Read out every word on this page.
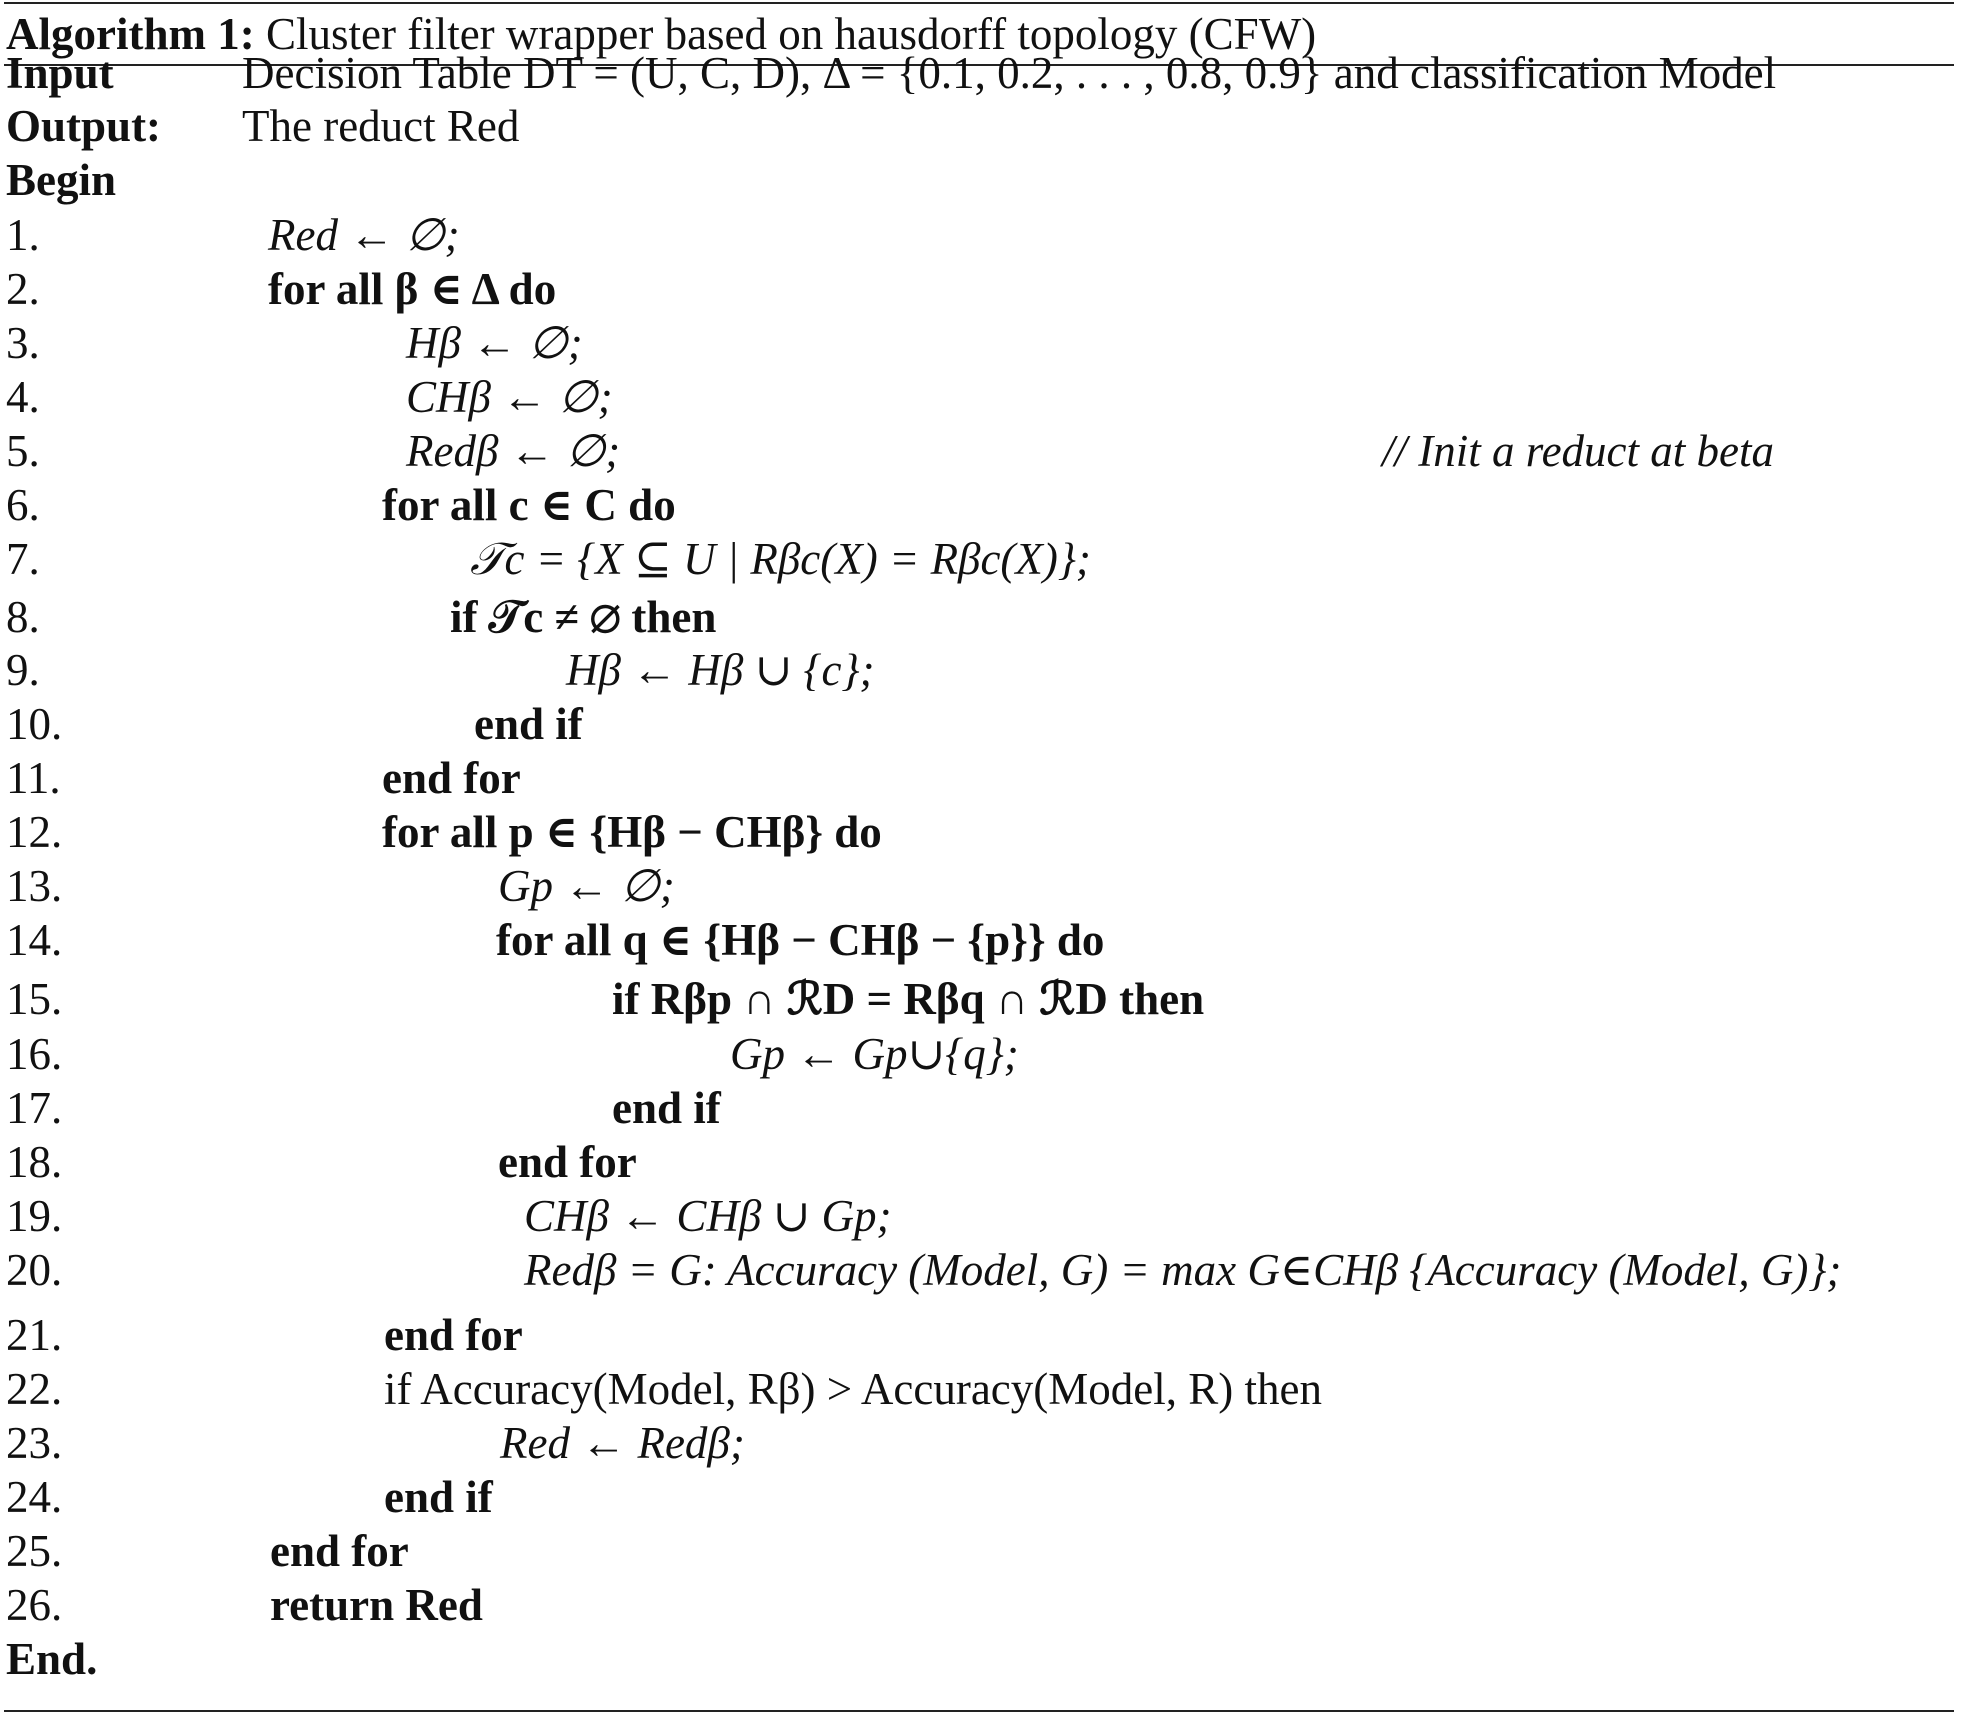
Algorithm 1: Cluster filter wrapper based on hausdorff topology (CFW)
Input	Decision Table DT = (U, C, D), Δ = {0.1, 0.2, . . . , 0.8, 0.9} and classification Model
Output: The reduct Red
Begin
1.	Red ← ∅;
2.	for all β ∈ Δ do
3.	Hβ ← ∅;
4.	CHβ ← ∅;
5.	Redβ ← ∅;	// Init a reduct at beta
6.	for all c ∈ C do
7.	𝒯c = {X ⊆ U | Rβc(X) = Rβc(X)};
8.	if 𝒯c ≠ ∅ then
9.	Hβ ← Hβ ∪ {c};
10.	end if
11.	end for
12.	for all p ∈ {Hβ − CHβ} do
13.	Gp ← ∅;
14.	for all q ∈ {Hβ − CHβ − {p}} do
15.	if Rβp ∩ ℛD = Rβq ∩ ℛD then
16.	Gp ← Gp∪{q};
17.	end if
18.	end for
19.	CHβ ← CHβ ∪ Gp;
20.	Redβ = G: Accuracy (Model, G) = max G∈CHβ {Accuracy (Model, G)};
21.	end for
22.	if Accuracy(Model, Rβ) > Accuracy(Model, R) then
23.	Red ← Redβ;
24.	end if
25.	end for
26.	return Red
End.
